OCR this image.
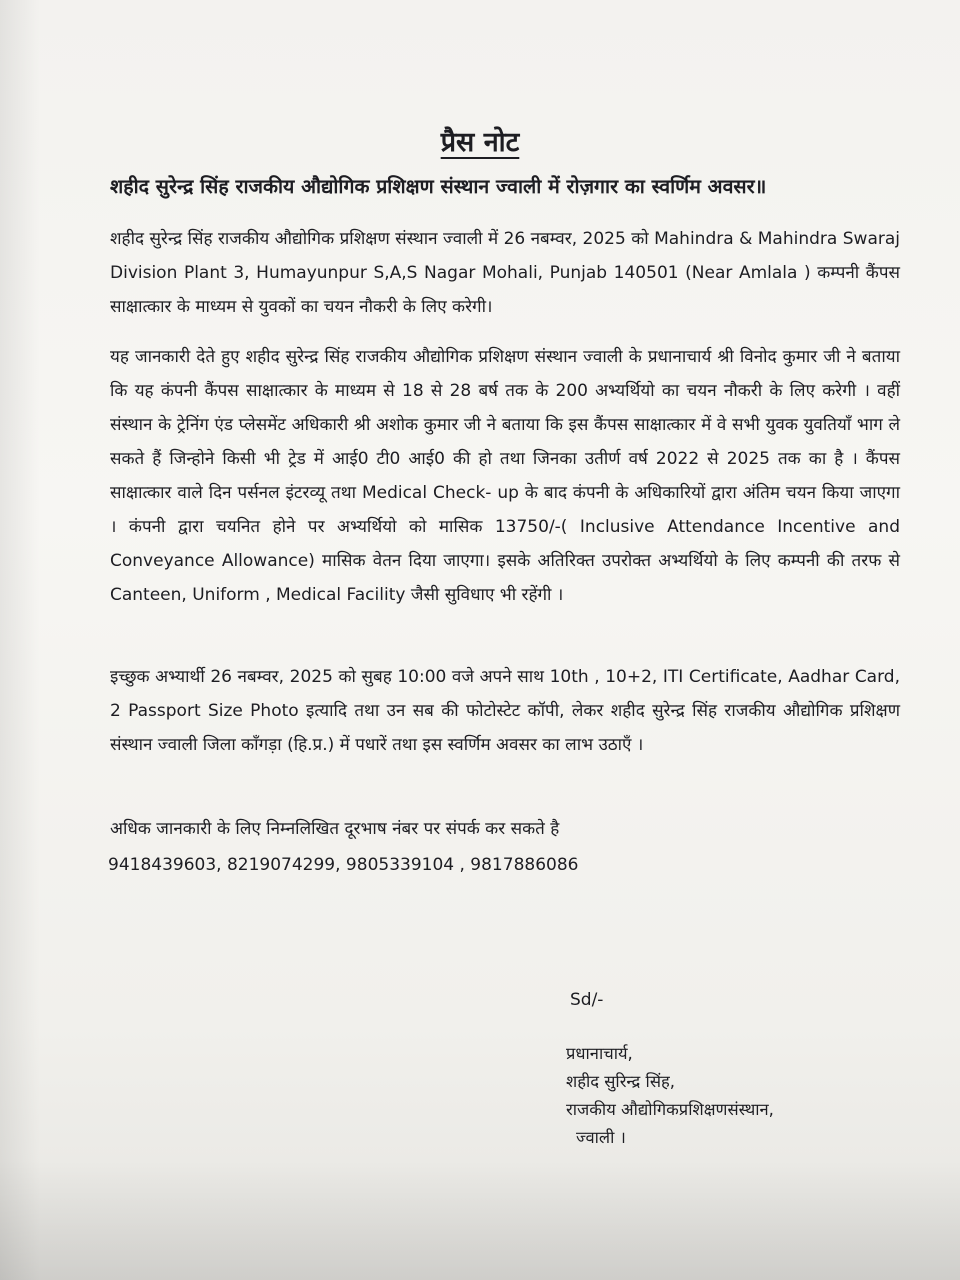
प्रैस नोट
शहीद सुरेन्द्र सिंह राजकीय औद्योगिक प्रशिक्षण संस्थान ज्वाली में रोज़गार का स्वर्णिम अवसर॥

शहीद सुरेन्द्र सिंह राजकीय औद्योगिक प्रशिक्षण संस्थान ज्वाली में 26 नबम्वर, 2025 को Mahindra & Mahindra Swaraj Division Plant 3, Humayunpur S,A,S Nagar Mohali, Punjab 140501 (Near Amlala ) कम्पनी कैंपस साक्षात्कार के माध्यम से युवकों का चयन नौकरी के लिए करेगी।

यह जानकारी देते हुए शहीद सुरेन्द्र सिंह राजकीय औद्योगिक प्रशिक्षण संस्थान ज्वाली के प्रधानाचार्य श्री विनोद कुमार जी ने बताया कि यह कंपनी कैंपस साक्षात्कार के माध्यम से 18 से 28 बर्ष तक के 200 अभ्यर्थियो का चयन नौकरी के लिए करेगी । वहीं संस्थान के ट्रेनिंग एंड प्लेसमेंट अधिकारी श्री अशोक कुमार जी ने बताया कि इस कैंपस साक्षात्कार में वे सभी युवक युवतियाँ भाग ले सकते हैं जिन्होने किसी भी ट्रेड में आई0 टी0 आई0 की हो तथा जिनका उतीर्ण वर्ष 2022 से 2025 तक का है । कैंपस साक्षात्कार वाले दिन पर्सनल इंटरव्यू तथा Medical Check- up के बाद कंपनी के अधिकारियों द्वारा अंतिम चयन किया जाएगा । कंपनी द्वारा चयनित होने पर अभ्यर्थियो को मासिक 13750/-( Inclusive Attendance Incentive and Conveyance Allowance) मासिक वेतन दिया जाएगा। इसके अतिरिक्त उपरोक्त अभ्यर्थियो के लिए कम्पनी की तरफ से Canteen, Uniform , Medical Facility जैसी सुविधाए भी रहेंगी ।

इच्छुक अभ्यार्थी 26 नबम्वर, 2025 को सुबह 10:00 वजे अपने साथ 10th , 10+2, ITI Certificate, Aadhar Card, 2 Passport Size Photo इत्यादि तथा उन सब की फोटोस्टेट कॉपी, लेकर शहीद सुरेन्द्र सिंह राजकीय औद्योगिक प्रशिक्षण संस्थान ज्वाली जिला कॉंगड़ा (हि.प्र.) में पधारें तथा इस स्वर्णिम अवसर का लाभ उठाएँ ।

अधिक जानकारी के लिए निम्नलिखित दूरभाष नंबर पर संपर्क कर सकते है

9418439603, 8219074299, 9805339104 , 9817886086

Sd/-

प्रधानाचार्य,
शहीद सुरिन्द्र सिंह,
राजकीय औद्योगिकप्रशिक्षणसंस्थान,
ज्वाली ।
